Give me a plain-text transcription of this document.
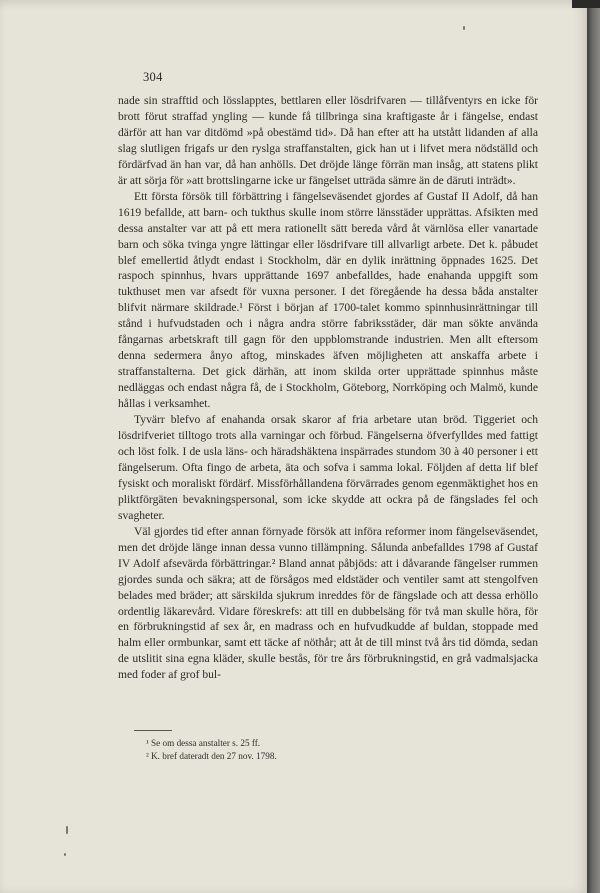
304

nade sin strafftid och lösslapptes, bettlaren eller lösdrifvaren — tillåfventyrs en icke för brott förut straffad yngling — kunde få tillbringa sina kraftigaste år i fängelse, endast därför att han var ditdömd »på obestämd tid». Då han efter att ha utstått lidanden af alla slag slutligen frigafs ur den ryslga straffanstalten, gick han ut i lifvet mera nödställd och fördärfvad än han var, då han anhölls. Det dröjde länge förrän man insåg, att statens plikt är att sörja för »att brottslingarne icke ur fängelset utträda sämre än de däruti inträdt».

Ett första försök till förbättring i fängelseväsendet gjordes af Gustaf II Adolf, då han 1619 befallde, att barn- och tukthus skulle inom större länsstäder upprättas. Afsikten med dessa anstalter var att på ett mera rationellt sätt bereda vård åt värnlösa eller vanartade barn och söka tvinga yngre lättingar eller lösdrifvare till allvarligt arbete. Det k. påbudet blef emellertid åtlydt endast i Stockholm, där en dylik inrättning öppnades 1625. Det raspoch spinnhus, hvars upprättande 1697 anbefalldes, hade enahanda uppgift som tukthuset men var afsedt för vuxna personer. I det föregående ha dessa båda anstalter blifvit närmare skildrade.¹ Först i början af 1700-talet kommo spinnhusinrättningar till stånd i hufvudstaden och i några andra större fabriksstäder, där man sökte använda fångarnas arbetskraft till gagn för den uppblomstrande industrien. Men allt eftersom denna sedermera ånyo aftog, minskades äfven möjligheten att anskaffa arbete i straffanstalterna. Det gick därhän, att inom skilda orter upprättade spinnhus måste nedläggas och endast några få, de i Stockholm, Göteborg, Norrköping och Malmö, kunde hållas i verksamhet.

Tyvärr blefvo af enahanda orsak skaror af fria arbetare utan bröd. Tiggeriet och lösdrifveriet tilltogo trots alla varningar och förbud. Fängelserna öfverfylldes med fattigt och löst folk. I de usla läns- och häradshäktena inspärrades stundom 30 à 40 personer i ett fängelserum. Ofta fingo de arbeta, äta och sofva i samma lokal. Följden af detta lif blef fysiskt och moraliskt fördärf. Missförhållandena förvärrades genom egenmäktighet hos en pliktförgäten bevakningspersonal, som icke skydde att ockra på de fängslades fel och svagheter.

Väl gjordes tid efter annan förnyade försök att införa reformer inom fängelseväsendet, men det dröjde länge innan dessa vunno tillämpning. Sålunda anbefalldes 1798 af Gustaf IV Adolf afsevärda förbättringar.² Bland annat påbjöds: att i dåvarande fängelser rummen gjordes sunda och säkra; att de försågos med eldstäder och ventiler samt att stengolfven belades med bräder; att särskilda sjukrum inreddes för de fängslade och att dessa erhöllo ordentlig läkarevård. Vidare föreskrefs: att till en dubbelsäng för två man skulle höra, för en förbrukningstid af sex år, en madrass och en hufvudkudde af buldan, stoppade med halm eller ormbunkar, samt ett täcke af nöthår; att åt de till minst två års tid dömda, sedan de utslitit sina egna kläder, skulle bestås, för tre års förbrukningstid, en grå vadmalsjacka med foder af grof bul-

¹ Se om dessa anstalter s. 25 ff.

² K. bref dateradt den 27 nov. 1798.
